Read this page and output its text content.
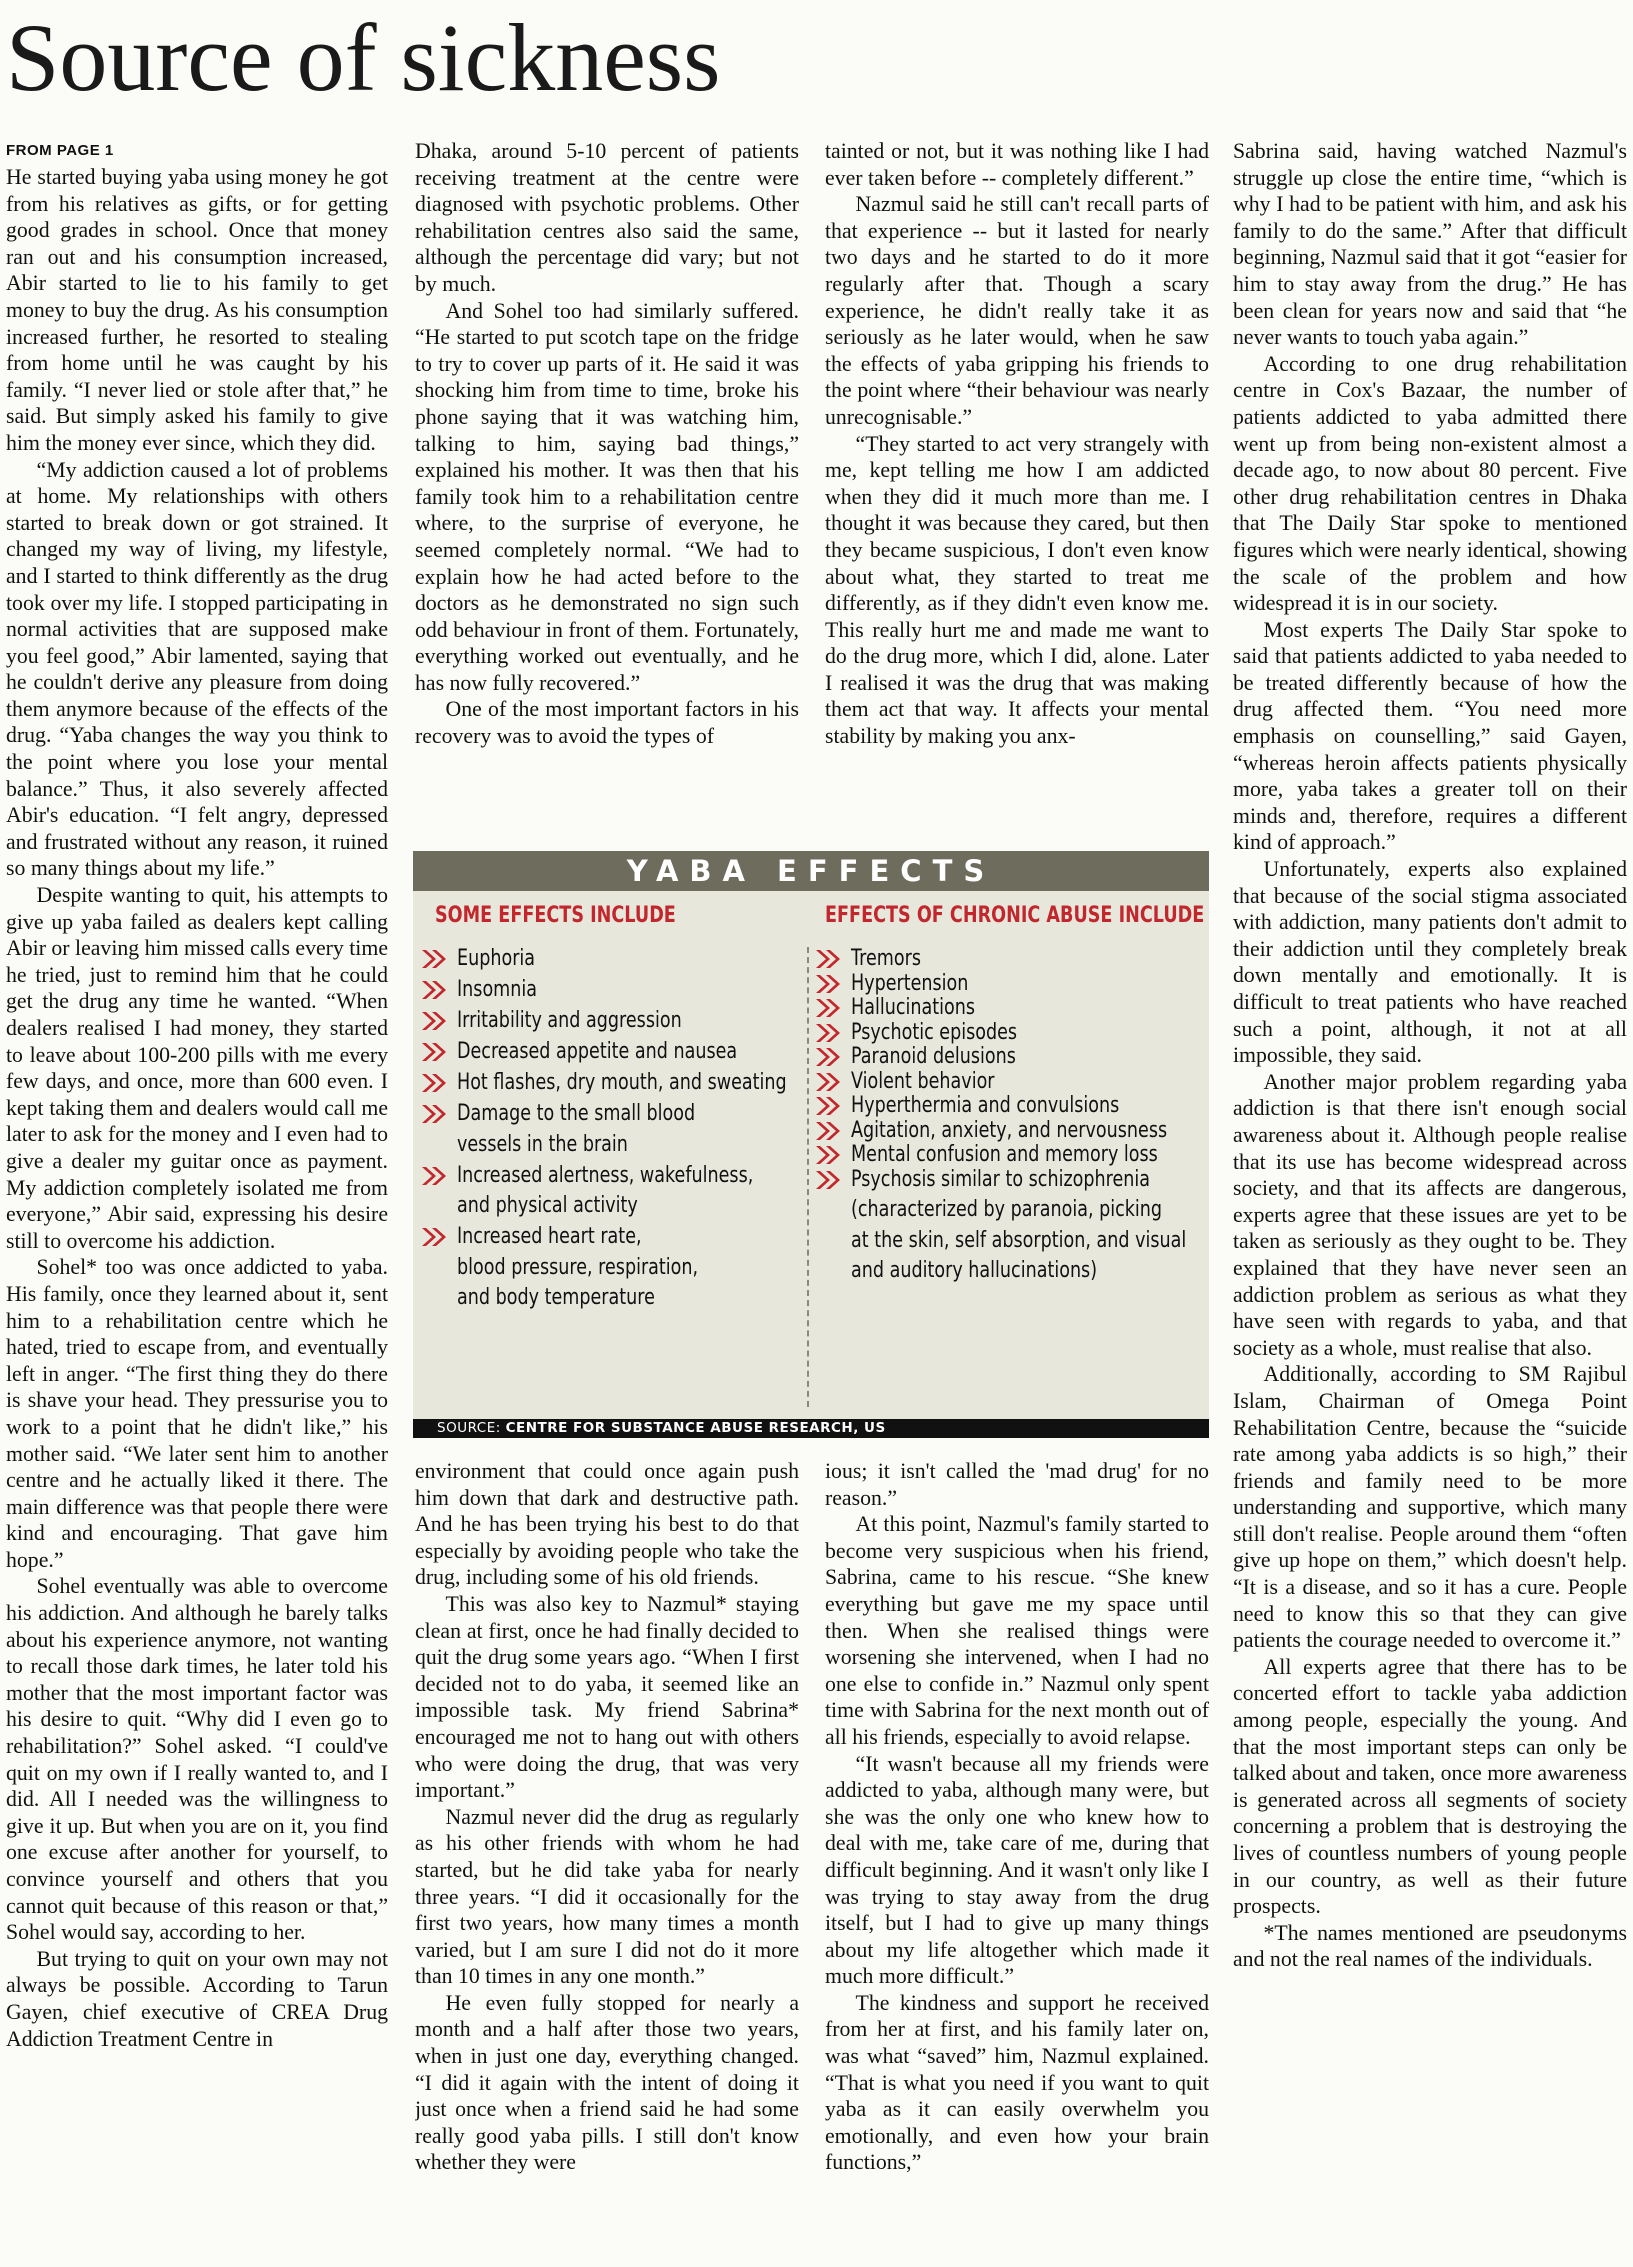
Source of sickness
FROM PAGE 1

He started buying yaba using money he got from his relatives as gifts, or for getting good grades in school. Once that money ran out and his consumption increased, Abir started to lie to his family to get money to buy the drug. As his consumption increased further, he resorted to stealing from home until he was caught by his family. “I never lied or stole after that,” he said. But simply asked his family to give him the money ever since, which they did.

“My addiction caused a lot of problems at home. My relationships with others started to break down or got strained. It changed my way of living, my lifestyle, and I started to think differently as the drug took over my life. I stopped participating in normal activities that are supposed make you feel good,” Abir lamented, saying that he couldn't derive any pleasure from doing them anymore because of the effects of the drug. “Yaba changes the way you think to the point where you lose your mental balance.” Thus, it also severely affected Abir's education. “I felt angry, depressed and frustrated without any reason, it ruined so many things about my life.”

Despite wanting to quit, his attempts to give up yaba failed as dealers kept calling Abir or leaving him missed calls every time he tried, just to remind him that he could get the drug any time he wanted. “When dealers realised I had money, they started to leave about 100-200 pills with me every few days, and once, more than 600 even. I kept taking them and dealers would call me later to ask for the money and I even had to give a dealer my guitar once as payment. My addiction completely isolated me from everyone,” Abir said, expressing his desire still to overcome his addiction.

Sohel* too was once addicted to yaba. His family, once they learned about it, sent him to a rehabilitation centre which he hated, tried to escape from, and eventually left in anger. “The first thing they do there is shave your head. They pressurise you to work to a point that he didn't like,” his mother said. “We later sent him to another centre and he actually liked it there. The main difference was that people there were kind and encouraging. That gave him hope.”

Sohel eventually was able to overcome his addiction. And although he barely talks about his experience anymore, not wanting to recall those dark times, he later told his mother that the most important factor was his desire to quit. “Why did I even go to rehabilitation?” Sohel asked. “I could've quit on my own if I really wanted to, and I did. All I needed was the willingness to give it up. But when you are on it, you find one excuse after another for yourself, to convince yourself and others that you cannot quit because of this reason or that,” Sohel would say, according to her.

But trying to quit on your own may not always be possible. According to Tarun Gayen, chief executive of CREA Drug Addiction Treatment Centre in

Dhaka, around 5-10 percent of patients receiving treatment at the centre were diagnosed with psychotic problems. Other rehabilitation centres also said the same, although the percentage did vary; but not by much.

And Sohel too had similarly suffered. “He started to put scotch tape on the fridge to try to cover up parts of it. He said it was shocking him from time to time, broke his phone saying that it was watching him, talking to him, saying bad things,” explained his mother. It was then that his family took him to a rehabilitation centre where, to the surprise of everyone, he seemed completely normal. “We had to explain how he had acted before to the doctors as he demonstrated no sign such odd behaviour in front of them. Fortunately, everything worked out eventually, and he has now fully recovered.”

One of the most important factors in his recovery was to avoid the types of

tainted or not, but it was nothing like I had ever taken before -- completely different.”

Nazmul said he still can't recall parts of that experience -- but it lasted for nearly two days and he started to do it more regularly after that. Though a scary experience, he didn't really take it as seriously as he later would, when he saw the effects of yaba gripping his friends to the point where “their behaviour was nearly unrecognisable.”

“They started to act very strangely with me, kept telling me how I am addicted when they did it much more than me. I thought it was because they cared, but then they became suspicious, I don't even know about what, they started to treat me differently, as if they didn't even know me. This really hurt me and made me want to do the drug more, which I did, alone. Later I realised it was the drug that was making them act that way. It affects your mental stability by making you anx-

YABA EFFECTS
SOME EFFECTS INCLUDE	EFFECTS OF CHRONIC ABUSE INCLUDE
Euphoria
Insomnia
Irritability and aggression
Decreased appetite and nausea
Hot flashes, dry mouth, and sweating
Damage to the small blood
vessels in the brain
Increased alertness, wakefulness,
and physical activity
Increased heart rate,
blood pressure, respiration,
and body temperature
Tremors
Hypertension
Hallucinations
Psychotic episodes
Paranoid delusions
Violent behavior
Hyperthermia and convulsions
Agitation, anxiety, and nervousness
Mental confusion and memory loss
Psychosis similar to schizophrenia
(characterized by paranoia, picking
at the skin, self absorption, and visual
and auditory hallucinations)
SOURCE: CENTRE FOR SUBSTANCE ABUSE RESEARCH, US

environment that could once again push him down that dark and destructive path. And he has been trying his best to do that especially by avoiding people who take the drug, including some of his old friends.

This was also key to Nazmul* staying clean at first, once he had finally decided to quit the drug some years ago. “When I first decided not to do yaba, it seemed like an impossible task. My friend Sabrina* encouraged me not to hang out with others who were doing the drug, that was very important.”

Nazmul never did the drug as regularly as his other friends with whom he had started, but he did take yaba for nearly three years. “I did it occasionally for the first two years, how many times a month varied, but I am sure I did not do it more than 10 times in any one month.”

He even fully stopped for nearly a month and a half after those two years, when in just one day, everything changed. “I did it again with the intent of doing it just once when a friend said he had some really good yaba pills. I still don't know whether they were

ious; it isn't called the 'mad drug' for no reason.”

At this point, Nazmul's family started to become very suspicious when his friend, Sabrina, came to his rescue. “She knew everything but gave me my space until then. When she realised things were worsening she intervened, when I had no one else to confide in.” Nazmul only spent time with Sabrina for the next month out of all his friends, especially to avoid relapse.

“It wasn't because all my friends were addicted to yaba, although many were, but she was the only one who knew how to deal with me, take care of me, during that difficult beginning. And it wasn't only like I was trying to stay away from the drug itself, but I had to give up many things about my life altogether which made it much more difficult.”

The kindness and support he received from her at first, and his family later on, was what “saved” him, Nazmul explained. “That is what you need if you want to quit yaba as it can easily overwhelm you emotionally, and even how your brain functions,”

Sabrina said, having watched Nazmul's struggle up close the entire time, “which is why I had to be patient with him, and ask his family to do the same.” After that difficult beginning, Nazmul said that it got “easier for him to stay away from the drug.” He has been clean for years now and said that “he never wants to touch yaba again.”

According to one drug rehabilitation centre in Cox's Bazaar, the number of patients addicted to yaba admitted there went up from being non-existent almost a decade ago, to now about 80 percent. Five other drug rehabilitation centres in Dhaka that The Daily Star spoke to mentioned figures which were nearly identical, showing the scale of the problem and how widespread it is in our society.

Most experts The Daily Star spoke to said that patients addicted to yaba needed to be treated differently because of how the drug affected them. “You need more emphasis on counselling,” said Gayen, “whereas heroin affects patients physically more, yaba takes a greater toll on their minds and, therefore, requires a different kind of approach.”

Unfortunately, experts also explained that because of the social stigma associated with addiction, many patients don't admit to their addiction until they completely break down mentally and emotionally. It is difficult to treat patients who have reached such a point, although, it not at all impossible, they said.

Another major problem regarding yaba addiction is that there isn't enough social awareness about it. Although people realise that its use has become widespread across society, and that its affects are dangerous, experts agree that these issues are yet to be taken as seriously as they ought to be. They explained that they have never seen an addiction problem as serious as what they have seen with regards to yaba, and that society as a whole, must realise that also.

Additionally, according to SM Rajibul Islam, Chairman of Omega Point Rehabilitation Centre, because the “suicide rate among yaba addicts is so high,” their friends and family need to be more understanding and supportive, which many still don't realise. People around them “often give up hope on them,” which doesn't help. “It is a disease, and so it has a cure. People need to know this so that they can give patients the courage needed to overcome it.”

All experts agree that there has to be concerted effort to tackle yaba addiction among people, especially the young. And that the most important steps can only be talked about and taken, once more awareness is generated across all segments of society concerning a problem that is destroying the lives of countless numbers of young people in our country, as well as their future prospects.

*The names mentioned are pseudonyms and not the real names of the individuals.
